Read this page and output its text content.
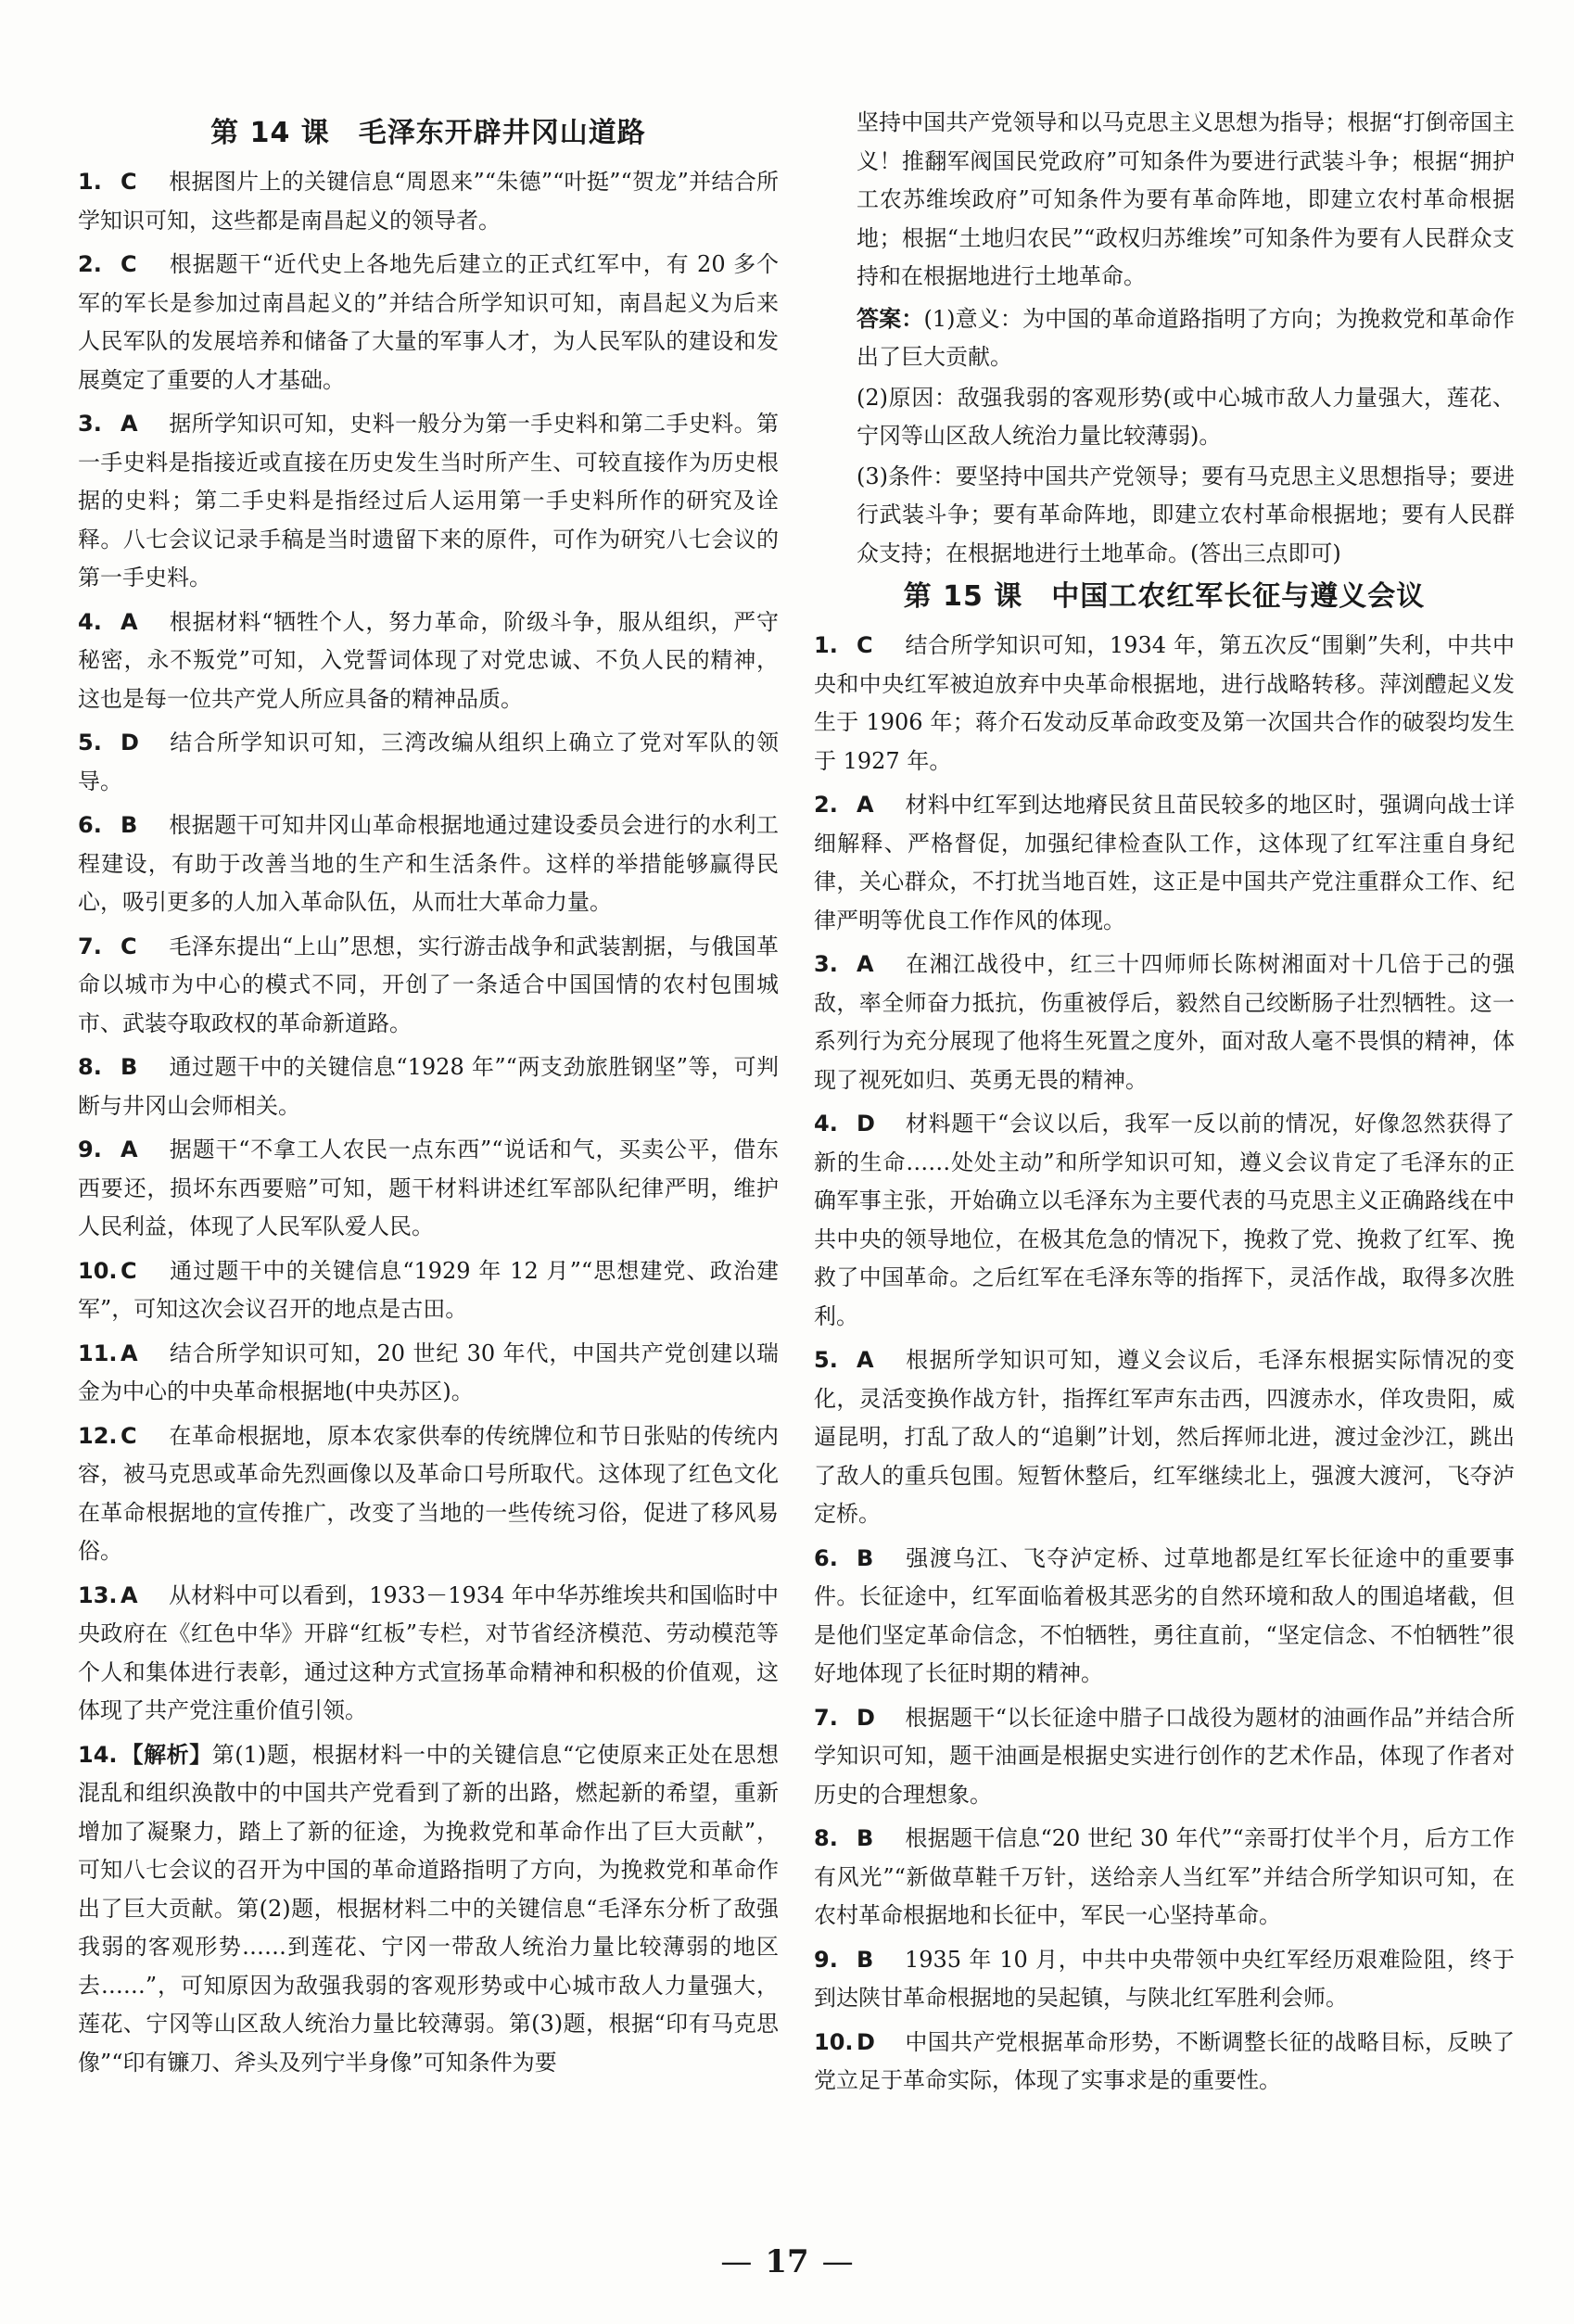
第 14 课　毛泽东开辟井冈山道路
1. C 根据图片上的关键信息“周恩来”“朱德”“叶挺”“贺龙”并结合所学知识可知，这些都是南昌起义的领导者。
2. C 根据题干“近代史上各地先后建立的正式红军中，有 20 多个军的军长是参加过南昌起义的”并结合所学知识可知，南昌起义为后来人民军队的发展培养和储备了大量的军事人才，为人民军队的建设和发展奠定了重要的人才基础。
3. A 据所学知识可知，史料一般分为第一手史料和第二手史料。第一手史料是指接近或直接在历史发生当时所产生、可较直接作为历史根据的史料；第二手史料是指经过后人运用第一手史料所作的研究及诠释。八七会议记录手稿是当时遗留下来的原件，可作为研究八七会议的第一手史料。
4. A 根据材料“牺牲个人，努力革命，阶级斗争，服从组织，严守秘密，永不叛党”可知，入党誓词体现了对党忠诚、不负人民的精神，这也是每一位共产党人所应具备的精神品质。
5. D 结合所学知识可知，三湾改编从组织上确立了党对军队的领导。
6. B 根据题干可知井冈山革命根据地通过建设委员会进行的水利工程建设，有助于改善当地的生产和生活条件。这样的举措能够赢得民心，吸引更多的人加入革命队伍，从而壮大革命力量。
7. C 毛泽东提出“上山”思想，实行游击战争和武装割据，与俄国革命以城市为中心的模式不同，开创了一条适合中国国情的农村包围城市、武装夺取政权的革命新道路。
8. B 通过题干中的关键信息“1928 年”“两支劲旅胜钢坚”等，可判断与井冈山会师相关。
9. A 据题干“不拿工人农民一点东西”“说话和气，买卖公平，借东西要还，损坏东西要赔”可知，题干材料讲述红军部队纪律严明，维护人民利益，体现了人民军队爱人民。
10. C 通过题干中的关键信息“1929 年 12 月”“思想建党、政治建军”，可知这次会议召开的地点是古田。
11. A 结合所学知识可知，20 世纪 30 年代，中国共产党创建以瑞金为中心的中央革命根据地(中央苏区)。
12. C 在革命根据地，原本农家供奉的传统牌位和节日张贴的传统内容，被马克思或革命先烈画像以及革命口号所取代。这体现了红色文化在革命根据地的宣传推广，改变了当地的一些传统习俗，促进了移风易俗。
13. A 从材料中可以看到，1933－1934 年中华苏维埃共和国临时中央政府在《红色中华》开辟“红板”专栏，对节省经济模范、劳动模范等个人和集体进行表彰，通过这种方式宣扬革命精神和积极的价值观，这体现了共产党注重价值引领。
14. 【解析】第(1)题，根据材料一中的关键信息“它使原来正处在思想混乱和组织涣散中的中国共产党看到了新的出路，燃起新的希望，重新增加了凝聚力，踏上了新的征途，为挽救党和革命作出了巨大贡献”，可知八七会议的召开为中国的革命道路指明了方向，为挽救党和革命作出了巨大贡献。第(2)题，根据材料二中的关键信息“毛泽东分析了敌强我弱的客观形势……到莲花、宁冈一带敌人统治力量比较薄弱的地区去……”，可知原因为敌强我弱的客观形势或中心城市敌人力量强大，莲花、宁冈等山区敌人统治力量比较薄弱。第(3)题，根据“印有马克思像”“印有镰刀、斧头及列宁半身像”可知条件为要
坚持中国共产党领导和以马克思主义思想为指导；根据“打倒帝国主义！推翻军阀国民党政府”可知条件为要进行武装斗争；根据“拥护工农苏维埃政府”可知条件为要有革命阵地，即建立农村革命根据地；根据“土地归农民”“政权归苏维埃”可知条件为要有人民群众支持和在根据地进行土地革命。
答案：(1)意义：为中国的革命道路指明了方向；为挽救党和革命作出了巨大贡献。
(2)原因：敌强我弱的客观形势(或中心城市敌人力量强大，莲花、宁冈等山区敌人统治力量比较薄弱)。
(3)条件：要坚持中国共产党领导；要有马克思主义思想指导；要进行武装斗争；要有革命阵地，即建立农村革命根据地；要有人民群众支持；在根据地进行土地革命。(答出三点即可)
第 15 课　中国工农红军长征与遵义会议
1. C 结合所学知识可知，1934 年，第五次反“围剿”失利，中共中央和中央红军被迫放弃中央革命根据地，进行战略转移。萍浏醴起义发生于 1906 年；蒋介石发动反革命政变及第一次国共合作的破裂均发生于 1927 年。
2. A 材料中红军到达地瘠民贫且苗民较多的地区时，强调向战士详细解释、严格督促，加强纪律检查队工作，这体现了红军注重自身纪律，关心群众，不打扰当地百姓，这正是中国共产党注重群众工作、纪律严明等优良工作作风的体现。
3. A 在湘江战役中，红三十四师师长陈树湘面对十几倍于己的强敌，率全师奋力抵抗，伤重被俘后，毅然自己绞断肠子壮烈牺牲。这一系列行为充分展现了他将生死置之度外，面对敌人毫不畏惧的精神，体现了视死如归、英勇无畏的精神。
4. D 材料题干“会议以后，我军一反以前的情况，好像忽然获得了新的生命……处处主动”和所学知识可知，遵义会议肯定了毛泽东的正确军事主张，开始确立以毛泽东为主要代表的马克思主义正确路线在中共中央的领导地位，在极其危急的情况下，挽救了党、挽救了红军、挽救了中国革命。之后红军在毛泽东等的指挥下，灵活作战，取得多次胜利。
5. A 根据所学知识可知，遵义会议后，毛泽东根据实际情况的变化，灵活变换作战方针，指挥红军声东击西，四渡赤水，佯攻贵阳，威逼昆明，打乱了敌人的“追剿”计划，然后挥师北进，渡过金沙江，跳出了敌人的重兵包围。短暂休整后，红军继续北上，强渡大渡河，飞夺泸定桥。
6. B 强渡乌江、飞夺泸定桥、过草地都是红军长征途中的重要事件。长征途中，红军面临着极其恶劣的自然环境和敌人的围追堵截，但是他们坚定革命信念，不怕牺牲，勇往直前，“坚定信念、不怕牺牲”很好地体现了长征时期的精神。
7. D 根据题干“以长征途中腊子口战役为题材的油画作品”并结合所学知识可知，题干油画是根据史实进行创作的艺术作品，体现了作者对历史的合理想象。
8. B 根据题干信息“20 世纪 30 年代”“亲哥打仗半个月，后方工作有风光”“新做草鞋千万针，送给亲人当红军”并结合所学知识可知，在农村革命根据地和长征中，军民一心坚持革命。
9. B 1935 年 10 月，中共中央带领中央红军经历艰难险阻，终于到达陕甘革命根据地的吴起镇，与陕北红军胜利会师。
10. D 中国共产党根据革命形势，不断调整长征的战略目标，反映了党立足于革命实际，体现了实事求是的重要性。
— 17 —
